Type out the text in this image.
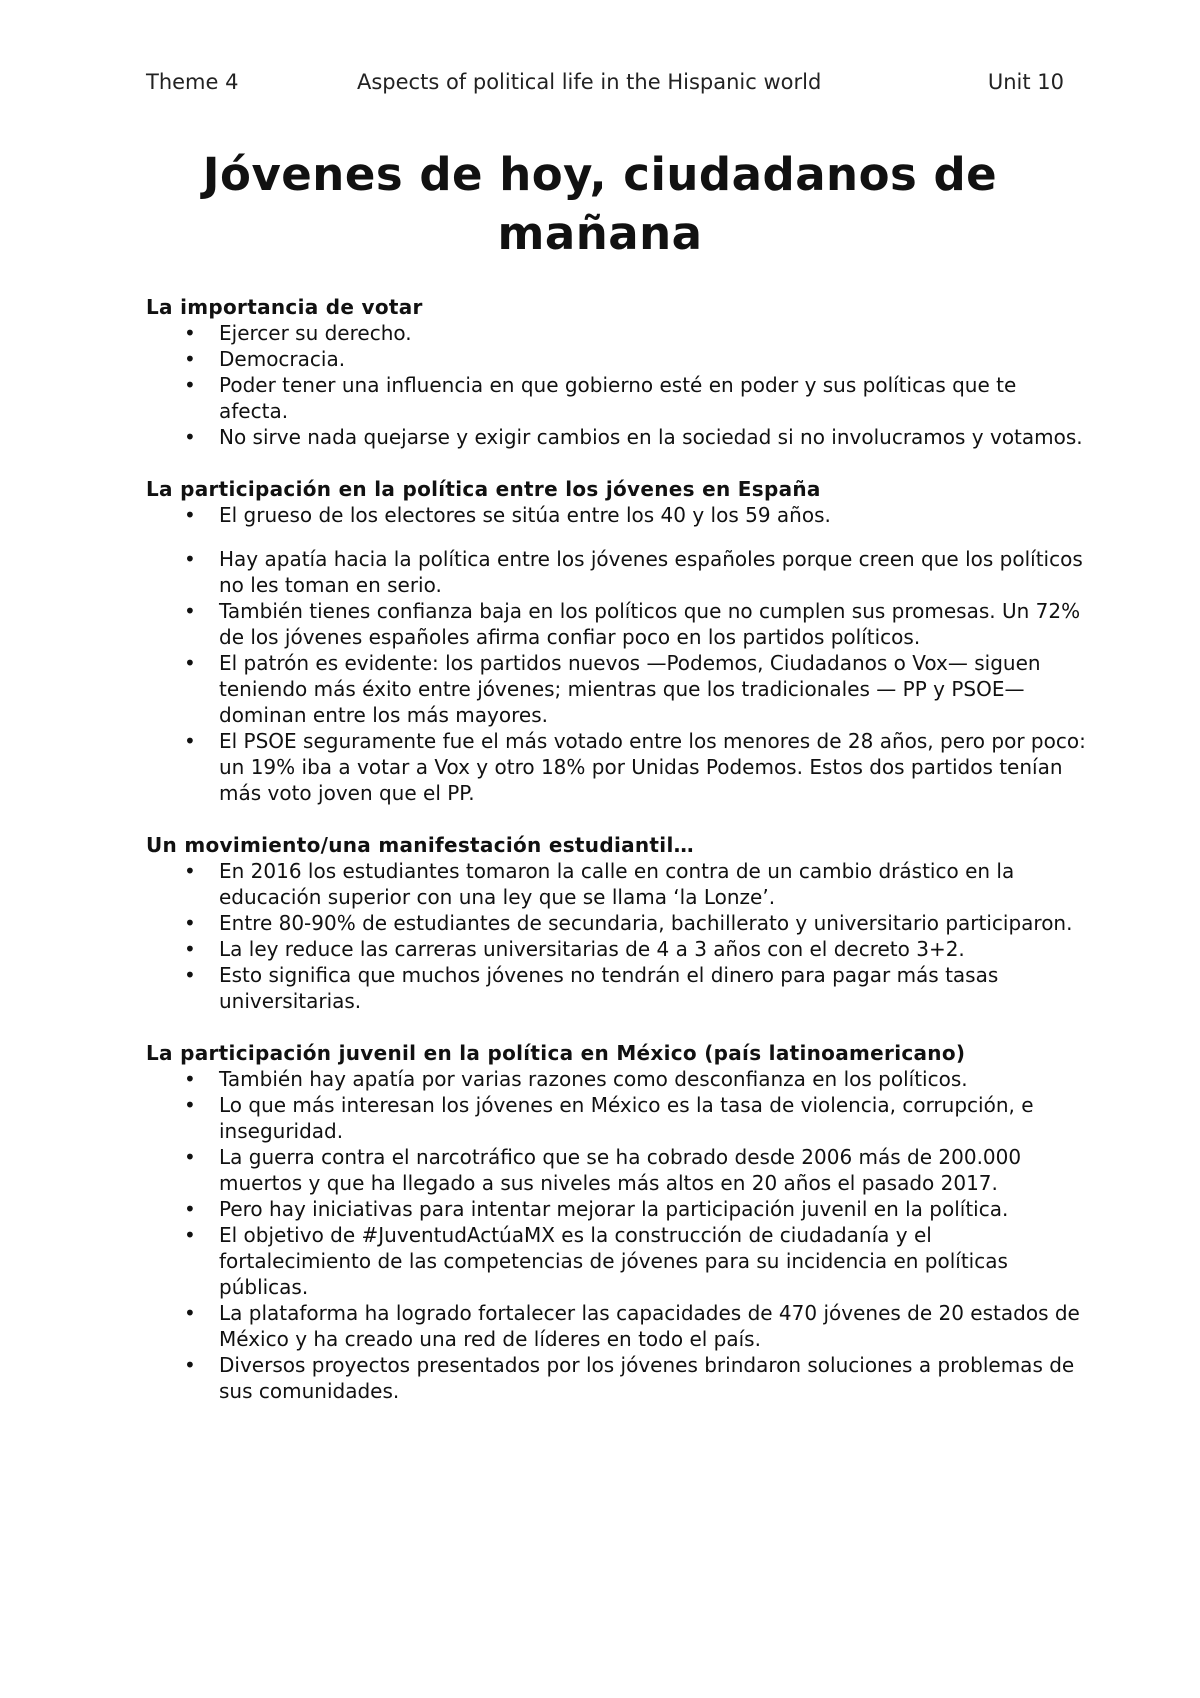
Theme 4	Aspects of political life in the Hispanic world	Unit 10
Jóvenes de hoy, ciudadanos de mañana
La importancia de votar
• Ejercer su derecho.
• Democracia.
• Poder tener una influencia en que gobierno esté en poder y sus políticas que te afecta.
• No sirve nada quejarse y exigir cambios en la sociedad si no involucramos y votamos.
La participación en la política entre los jóvenes en España
• El grueso de los electores se sitúa entre los 40 y los 59 años.
• Hay apatía hacia la política entre los jóvenes españoles porque creen que los políticos no les toman en serio.
• También tienes confianza baja en los políticos que no cumplen sus promesas. Un 72% de los jóvenes españoles afirma confiar poco en los partidos políticos.
• El patrón es evidente: los partidos nuevos —Podemos, Ciudadanos o Vox— siguen teniendo más éxito entre jóvenes; mientras que los tradicionales — PP y PSOE— dominan entre los más mayores.
• El PSOE seguramente fue el más votado entre los menores de 28 años, pero por poco: un 19% iba a votar a Vox y otro 18% por Unidas Podemos. Estos dos partidos tenían más voto joven que el PP.
Un movimiento/una manifestación estudiantil…
• En 2016 los estudiantes tomaron la calle en contra de un cambio drástico en la educación superior con una ley que se llama ‘la Lonze’.
• Entre 80-90% de estudiantes de secundaria, bachillerato y universitario participaron.
• La ley reduce las carreras universitarias de 4 a 3 años con el decreto 3+2.
• Esto significa que muchos jóvenes no tendrán el dinero para pagar más tasas universitarias.
La participación juvenil en la política en México (país latinoamericano)
• También hay apatía por varias razones como desconfianza en los políticos.
• Lo que más interesan los jóvenes en México es la tasa de violencia, corrupción, e inseguridad.
• La guerra contra el narcotráfico que se ha cobrado desde 2006 más de 200.000 muertos y que ha llegado a sus niveles más altos en 20 años el pasado 2017.
• Pero hay iniciativas para intentar mejorar la participación juvenil en la política.
• El objetivo de #JuventudActúaMX es la construcción de ciudadanía y el fortalecimiento de las competencias de jóvenes para su incidencia en políticas públicas.
• La plataforma ha logrado fortalecer las capacidades de 470 jóvenes de 20 estados de México y ha creado una red de líderes en todo el país.
• Diversos proyectos presentados por los jóvenes brindaron soluciones a problemas de sus comunidades.
